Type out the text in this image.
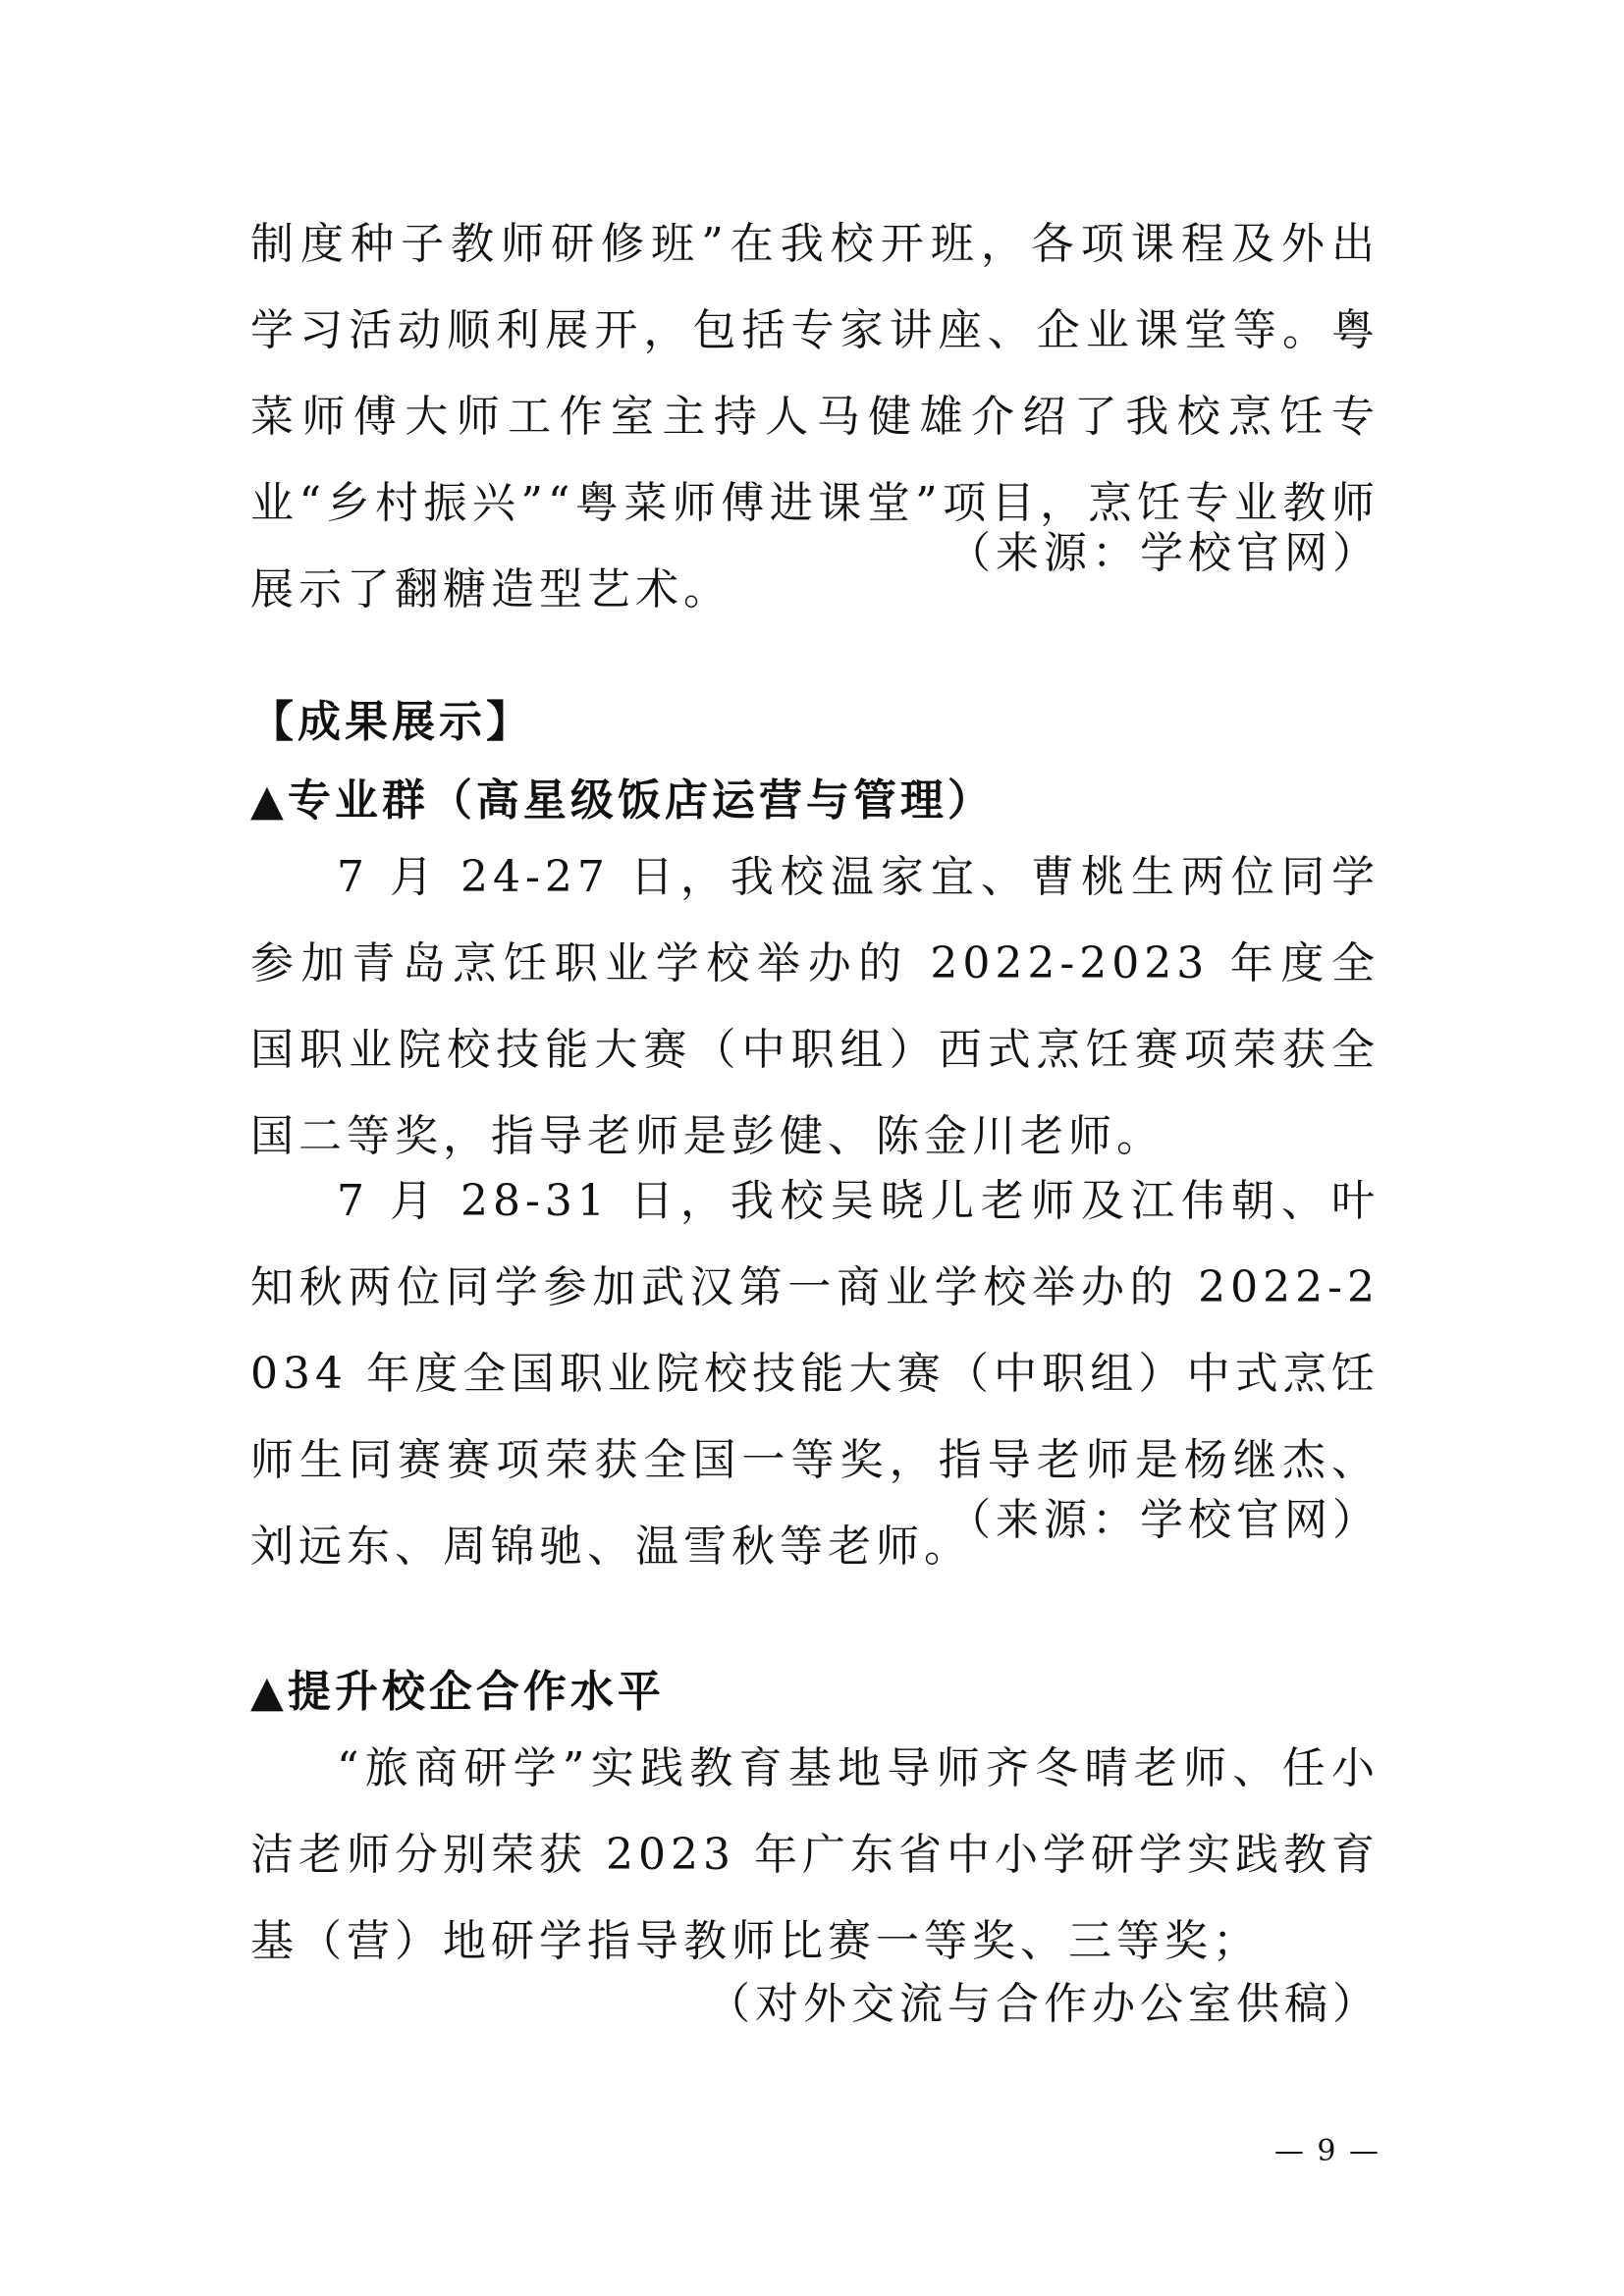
制度种子教师研修班”在我校开班，各项课程及外出学习活动顺利展开，包括专家讲座、企业课堂等。粤菜师傅大师工作室主持人马健雄介绍了我校烹饪专业“乡村振兴”“粤菜师傅进课堂”项目，烹饪专业教师展示了翻糖造型艺术。

（来源：学校官网）
【成果展示】
▲专业群（高星级饭店运营与管理）

7 月 24-27 日，我校温家宜、曹桃生两位同学参加青岛烹饪职业学校举办的 2022-2023 年度全国职业院校技能大赛（中职组）西式烹饪赛项荣获全国二等奖，指导老师是彭健、陈金川老师。

7 月 28-31 日，我校吴晓儿老师及江伟朝、叶知秋两位同学参加武汉第一商业学校举办的 2022-2034 年度全国职业院校技能大赛（中职组）中式烹饪师生同赛赛项荣获全国一等奖，指导老师是杨继杰、刘远东、周锦驰、温雪秋等老师。

（来源：学校官网）
▲提升校企合作水平

“旅商研学”实践教育基地导师齐冬晴老师、任小洁老师分别荣获 2023 年广东省中小学研学实践教育基（营）地研学指导教师比赛一等奖、三等奖；

（对外交流与合作办公室供稿）
— 9 —
